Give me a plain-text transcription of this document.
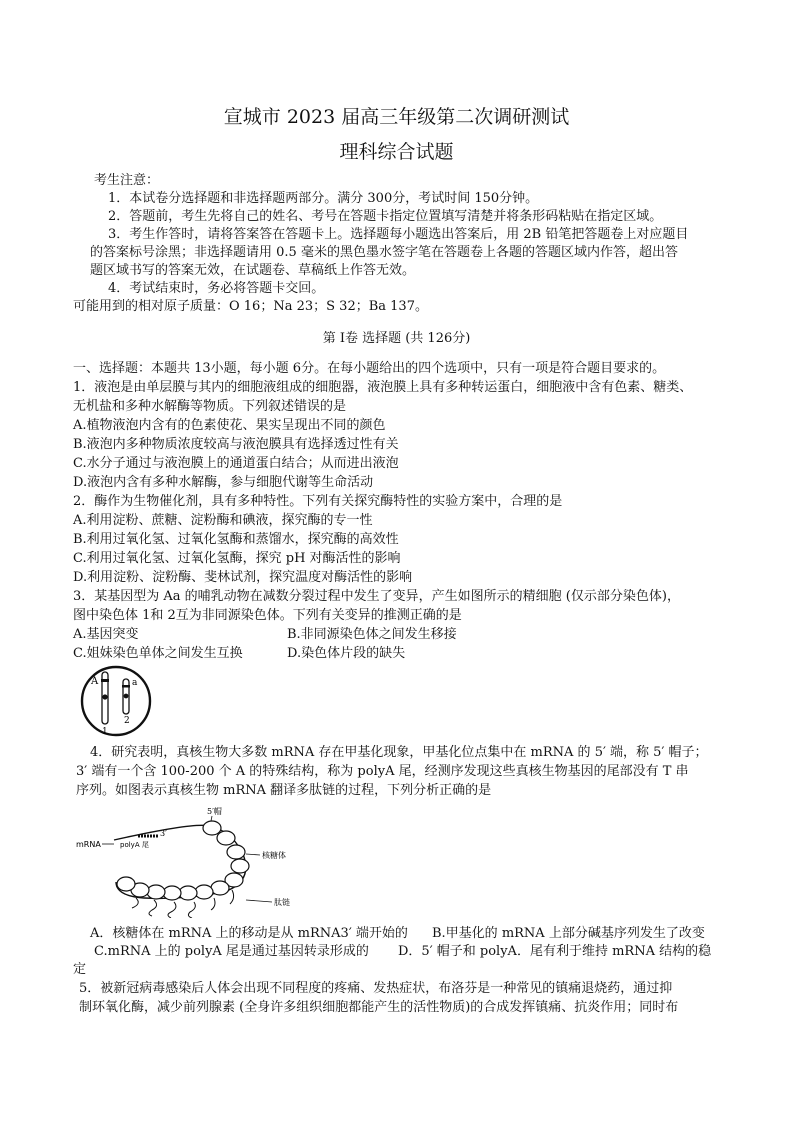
宣城市 2023 届高三年级第二次调研测试
理科综合试题
考生注意：
1．本试卷分选择题和非选择题两部分。满分 300分，考试时间 150分钟。
2．答题前，考生先将自己的姓名、考号在答题卡指定位置填写清楚并将条形码粘贴在指定区域。
3．考生作答时，请将答案答在答题卡上。选择题每小题选出答案后，用 2B 铅笔把答题卷上对应题目
的答案标号涂黑；非选择题请用 0.5 毫米的黑色墨水签字笔在答题卷上各题的答题区域内作答，超出答
题区域书写的答案无效，在试题卷、草稿纸上作答无效。
4．考试结束时，务必将答题卡交回。
可能用到的相对原子质量：O 16；Na 23；S 32；Ba 137。
第 I卷 选择题 (共 126分)
一、选择题：本题共 13小题，每小题 6分。在每小题给出的四个选项中，只有一项是符合题目要求的。
1．液泡是由单层膜与其内的细胞液组成的细胞器，液泡膜上具有多种转运蛋白，细胞液中含有色素、糖类、
无机盐和多种水解酶等物质。下列叙述错误的是
A.植物液泡内含有的色素使花、果实呈现出不同的颜色
B.液泡内多种物质浓度较高与液泡膜具有选择透过性有关
C.水分子通过与液泡膜上的通道蛋白结合；从而进出液泡
D.液泡内含有多种水解酶，参与细胞代谢等生命活动
2．酶作为生物催化剂，具有多种特性。下列有关探究酶特性的实验方案中，合理的是
A.利用淀粉、蔗糖、淀粉酶和碘液，探究酶的专一性
B.利用过氧化氢、过氧化氢酶和蒸馏水，探究酶的高效性
C.利用过氧化氢、过氧化氢酶，探究 pH 对酶活性的影响
D.利用淀粉、淀粉酶、斐林试剂，探究温度对酶活性的影响
3．某基因型为 Aa 的哺乳动物在减数分裂过程中发生了变异，产生如图所示的精细胞 (仅示部分染色体)，
图中染色体 1和 2互为非同源染色体。下列有关变异的推测正确的是
A.基因突变	B.非同源染色体之间发生移接
C.姐妹染色单体之间发生互换	D.染色体片段的缺失
A	a
1
2
4．研究表明，真核生物大多数 mRNA 存在甲基化现象，甲基化位点集中在 mRNA 的 5′ 端，称 5′ 帽子；
3′ 端有一个含 100-200 个 A 的特殊结构，称为 polyA 尾，经测序发现这些真核生物基因的尾部没有 T 串
序列。如图表示真核生物 mRNA 翻译多肽链的过程，下列分析正确的是
5′帽
mRNA	polyA 尾
3′
核糖体
肽链
A．核糖体在 mRNA 上的移动是从 mRNA3′ 端开始的 B.甲基化的 mRNA 上部分碱基序列发生了改变
C.mRNA 上的 polyA 尾是通过基因转录形成的 D．5′ 帽子和 polyA．尾有利于维持 mRNA 结构的稳
定
5．被新冠病毒感染后人体会出现不同程度的疼痛、发热症状，布洛芬是一种常见的镇痛退烧药，通过抑
制环氧化酶，减少前列腺素 (全身许多组织细胞都能产生的活性物质)的合成发挥镇痛、抗炎作用；同时布
